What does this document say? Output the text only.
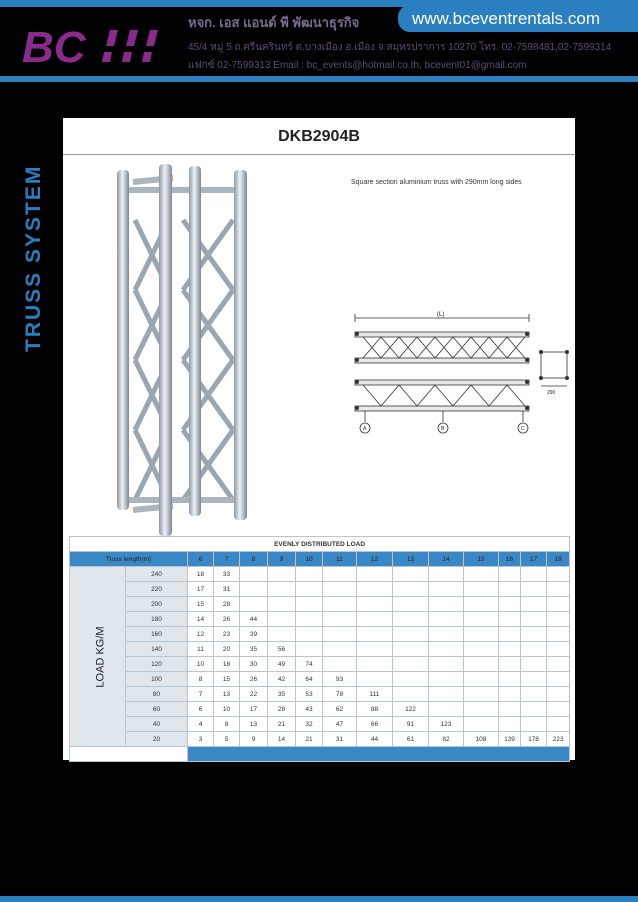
www.bceventrentals.com
BC
หจก. เอส แอนด์ พี พัฒนาธุรกิจ
45/4 หมู่ 5 ถ.ศรีนครินทร์ ต.บางเมือง อ.เมือง จ.สมุทรปราการ 10270 โทร. 02-7598481,02-7599314
แฟกซ์ 02-7599313 Email : bc_events@hotmail.co.th, bcevent01@gmail.com
TRUSS SYSTEM
DKB2904B
Square section aluminium truss with 290mm long sides
(L)
290
A	B	C
EVENLY DISTRIBUTED LOAD														
Truss length(m)		6	7	8	9	10	11	12	13	14	15	16	17	18
LOAD KG/M	240	18	33											
	220	17	31											
	200	15	28											
	180	14	26	44										
	160	12	23	39										
	140	11	20	35	56									
	120	10	18	30	49	74								
	100	8	15	26	42	64	93							
	80	7	13	22	35	53	78	111						
	60	6	10	17	28	43	62	88	122					
	40	4	8	13	21	32	47	66	91	123				
	20	3	5	9	14	21	31	44	61	82	108	139	178	223
